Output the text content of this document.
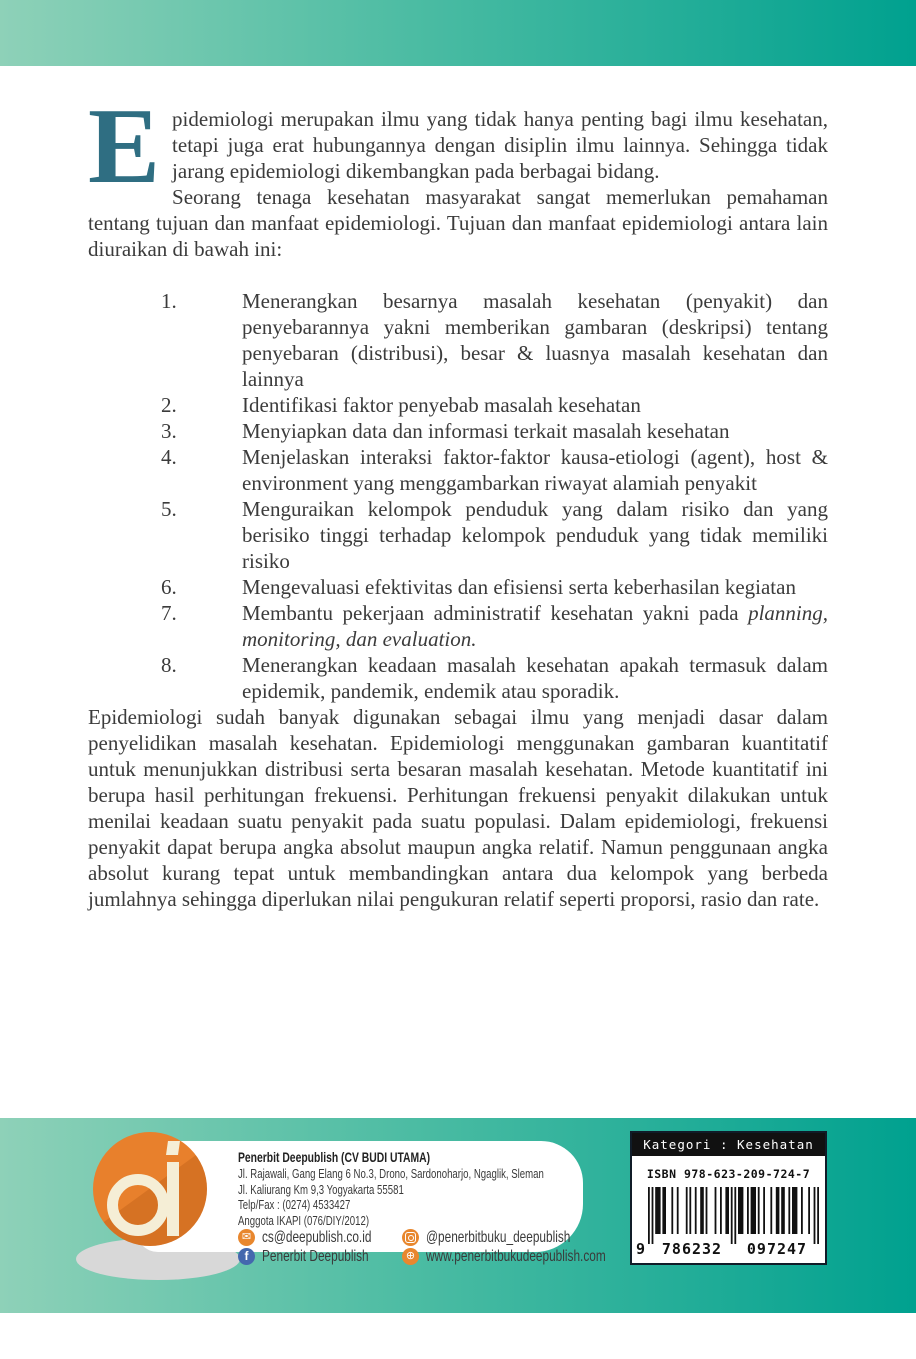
Epidemiologi merupakan ilmu yang tidak hanya penting bagi ilmu kesehatan, tetapi juga erat hubungannya dengan disiplin ilmu lainnya. Sehingga tidak jarang epidemiologi dikembangkan pada berbagai bidang.

Seorang tenaga kesehatan masyarakat sangat memerlukan pemahaman tentang tujuan dan manfaat epidemiologi. Tujuan dan manfaat epidemiologi antara lain diuraikan di bawah ini:

1.	Menerangkan besarnya masalah kesehatan (penyakit) dan penyebarannya yakni memberikan gambaran (deskripsi) tentang penyebaran (distribusi), besar & luasnya masalah kesehatan dan lainnya
2.	Identifikasi faktor penyebab masalah kesehatan
3.	Menyiapkan data dan informasi terkait masalah kesehatan
4.	Menjelaskan interaksi faktor-faktor kausa-etiologi (agent), host & environment yang menggambarkan riwayat alamiah penyakit
5.	Menguraikan kelompok penduduk yang dalam risiko dan yang berisiko tinggi terhadap kelompok penduduk yang tidak memiliki risiko
6.	Mengevaluasi efektivitas dan efisiensi serta keberhasilan kegiatan
7.	Membantu pekerjaan administratif kesehatan yakni pada planning, monitoring, dan evaluation.
8.	Menerangkan keadaan masalah kesehatan apakah termasuk dalam epidemik, pandemik, endemik atau sporadik.

Epidemiologi sudah banyak digunakan sebagai ilmu yang menjadi dasar dalam penyelidikan masalah kesehatan. Epidemiologi menggunakan gambaran kuantitatif untuk menunjukkan distribusi serta besaran masalah kesehatan. Metode kuantitatif ini berupa hasil perhitungan frekuensi. Perhitungan frekuensi penyakit dilakukan untuk menilai keadaan suatu penyakit pada suatu populasi. Dalam epidemiologi, frekuensi penyakit dapat berupa angka absolut maupun angka relatif. Namun penggunaan angka absolut kurang tepat untuk membandingkan antara dua kelompok yang berbeda jumlahnya sehingga diperlukan nilai pengukuran relatif seperti proporsi, rasio dan rate.

Penerbit Deepublish (CV BUDI UTAMA)
Jl. Rajawali, Gang Elang 6 No.3, Drono, Sardonoharjo, Ngaglik, Sleman
Jl. Kaliurang Km 9,3 Yogyakarta 55581
Telp/Fax : (0274) 4533427
Anggota IKAPI (076/DIY/2012)
✉ cs@deepublish.co.id	@penerbitbuku_deepublish
f Penerbit Deepublish	⊕ www.penerbitbukudeepublish.com
Kategori : Kesehatan
ISBN 978-623-209-724-7
9 786232 097247
